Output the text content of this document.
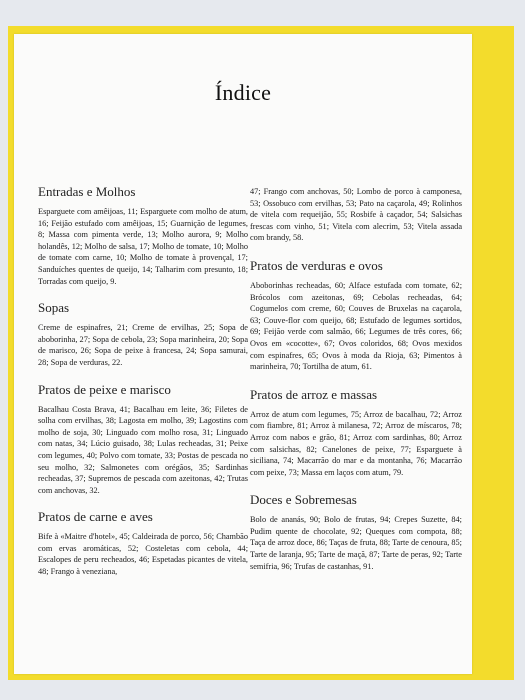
Índice
Entradas e Molhos
Esparguete com amêijoas, 11; Esparguete com molho de atum, 16; Feijão estufado com amêijoas, 15; Guarnição de legumes, 8; Massa com pimenta verde, 13; Molho aurora, 9; Molho holandês, 12; Molho de salsa, 17; Molho de tomate, 10; Molho de tomate com carne, 10; Molho de tomate à provençal, 17; Sanduíches quentes de queijo, 14; Talharim com presunto, 18; Torradas com queijo, 9.
Sopas
Creme de espinafres, 21; Creme de ervilhas, 25; Sopa de aboborinha, 27; Sopa de cebola, 23; Sopa marinheira, 20; Sopa de marisco, 26; Sopa de peixe à francesa, 24; Sopa samurai, 28; Sopa de verduras, 22.
Pratos de peixe e marisco
Bacalhau Costa Brava, 41; Bacalhau em leite, 36; Filetes de solha com ervilhas, 38; Lagosta em molho, 39; Lagostins com molho de soja, 30; Linguado com molho rosa, 31; Linguado com natas, 34; Lúcio guisado, 38; Lulas recheadas, 31; Peixe com legumes, 40; Polvo com tomate, 33; Postas de pescada no seu molho, 32; Salmonetes com orégãos, 35; Sardinhas recheadas, 37; Supremos de pescada com azeitonas, 42; Trutas com anchovas, 32.
Pratos de carne e aves
Bife à «Maitre d'hotel», 45; Caldeirada de porco, 56; Chambão com ervas aromáticas, 52; Costeletas com cebola, 44; Escalopes de peru recheados, 46; Espetadas picantes de vitela, 48; Frango à veneziana,
47; Frango com anchovas, 50; Lombo de porco à camponesa, 53; Ossobuco com ervilhas, 53; Pato na caçarola, 49; Rolinhos de vitela com requeijão, 55; Rosbife à caçador, 54; Salsichas frescas com vinho, 51; Vitela com alecrim, 53; Vitela assada com brandy, 58.
Pratos de verduras e ovos
Aboborinhas recheadas, 60; Alface estufada com tomate, 62; Brócolos com azeitonas, 69; Cebolas recheadas, 64; Cogumelos com creme, 60; Couves de Bruxelas na caçarola, 63; Couve-flor com queijo, 68; Estufado de legumes sortidos, 69; Feijão verde com salmão, 66; Legumes de três cores, 66; Ovos em «cocotte», 67; Ovos coloridos, 68; Ovos mexidos com espinafres, 65; Ovos à moda da Rioja, 63; Pimentos à marinheira, 70; Tortilha de atum, 61.
Pratos de arroz e massas
Arroz de atum com legumes, 75; Arroz de bacalhau, 72; Arroz com fiambre, 81; Arroz à milanesa, 72; Arroz de míscaros, 78; Arroz com nabos e grão, 81; Arroz com sardinhas, 80; Arroz com salsichas, 82; Canelones de peixe, 77; Esparguete à siciliana, 74; Macarrão do mar e da montanha, 76; Macarrão com peixe, 73; Massa em laços com atum, 79.
Doces e Sobremesas
Bolo de ananás, 90; Bolo de frutas, 94; Crepes Suzette, 84; Pudim quente de chocolate, 92; Queques com compota, 88; Taça de arroz doce, 86; Taças de fruta, 88; Tarte de cenoura, 85; Tarte de laranja, 95; Tarte de maçã, 87; Tarte de peras, 92; Tarte semifria, 96; Trufas de castanhas, 91.
